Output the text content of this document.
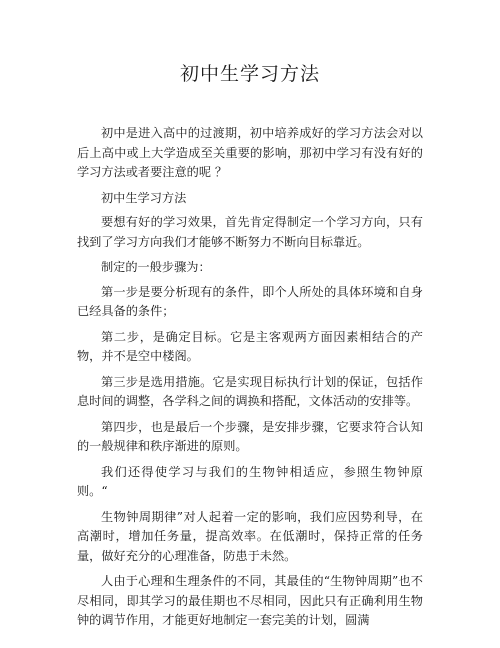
初中生学习方法

初中是进入高中的过渡期，初中培养成好的学习方法会对以后上高中或上大学造成至关重要的影响，那初中学习有没有好的学习方法或者要注意的呢 ？

初中生学习方法

要想有好的学习效果，首先肯定得制定一个学习方向，只有找到了学习方向我们才能够不断努力不断向目标靠近。

制定的一般步骤为：

第一步是要分析现有的条件，即个人所处的具体环境和自身已经具备的条件；

第二步，是确定目标。它是主客观两方面因素相结合的产物，并不是空中楼阁。

第三步是选用措施。它是实现目标执行计划的保证，包括作息时间的调整，各学科之间的调换和搭配，文体活动的安排等。

第四步，也是最后一个步骤，是安排步骤，它要求符合认知的一般规律和秩序渐进的原则。

我们还得使学习与我们的生物钟相适应，参照生物钟原则。“

生物钟周期律”对人起着一定的影响，我们应因势利导，在高潮时，增加任务量，提高效率。在低潮时，保持正常的任务量，做好充分的心理准备，防患于未然。

人由于心理和生理条件的不同，其最佳的“生物钟周期”也不尽相同，即其学习的最佳期也不尽相同，因此只有正确利用生物钟的调节作用，才能更好地制定一套完美的计划，圆满
